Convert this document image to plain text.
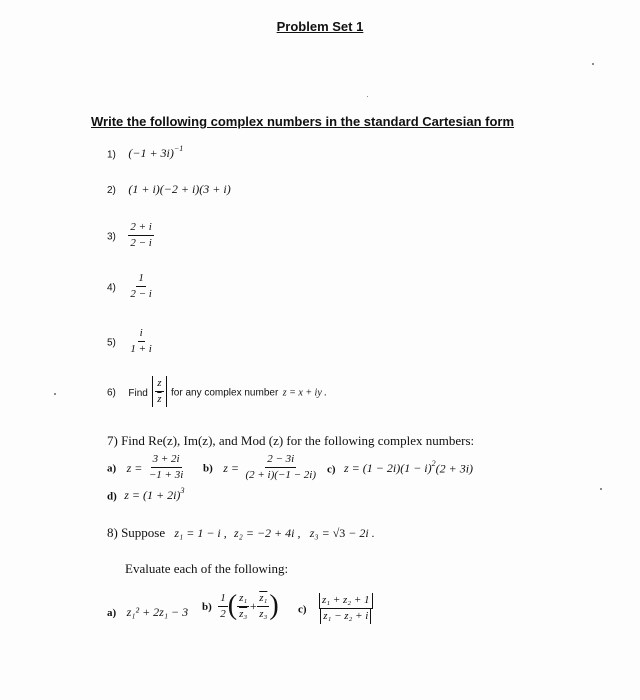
Problem Set 1
Write the following complex numbers in the standard Cartesian form
1) $(-1 + 3i)^{-1}$
2) (1 + i)(−2 + i)(3 + i)
$3) \frac{2 + i}{2 - i}$
$4) \frac{1}{2 - i}$
$5) \frac{i}{1 + i}$
6) Find $\frac{z}{z}$ for any complex number z = x + iy .
7) Find Re(z), Im(z), and Mod (z) for the following complex numbers:
a) $z = \frac{3 + 2i}{-1 + 3i} b$) $z = \frac{2 - 3i}{(2 + i)(-1 - 2i)} c$) $z = (1 - 2i)(1 - i)^2(2 + 3i)$
d) $z = (1 + 2i)^3$
8) Suppose z₁ = 1 − i , z₂ = −2 + 4i , z₃ = √3 − 2i .
Evaluate each of the following:
a) z₁² + 2z₁ − 3 $b) \frac{1}{2}$ ( $\frac{\text{z₁}}{\text{z₃}} + \frac{\text{z₁}}{\text{z₃}}$ ) $c) \frac{\text{z₁ + z₂ + 1}}{\text{z₁ − z₂ + i}}$
